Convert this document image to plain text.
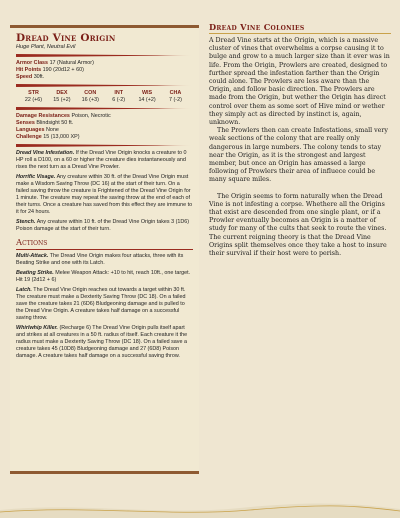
Dread Vine Origin
Huge Plant, Neutral Evil
Armor Class 17 (Natural Armor)
Hit Points 190 (20d12 + 60)
Speed 30ft.
STR
22 (+6)
DEX
15 (+2)
CON
16 (+3)
INT
6 (-2)
WIS
14 (+2)
CHA
7 (-2)
Damage Resistances Poison, Necrotic
Senses Blindsight 50 ft.
Languages None
Challenge 15 (13,000 XP)
Dread Vine Infestation. If the Dread Vine Origin knocks a creature to 0 HP roll a D100, on a 60 or higher the creature dies instantaneously and rises the next turn as a Dread Vine Prowler.
Horrific Visage. Any creature within 30 ft. of the Dread Vine Origin must make a Wisdom Saving Throw (DC 16) at the start of their turn. On a failed saving throw the creature is Frightened of the Dread Vine Origin for 1 minute. The creature may repeat the saving throw at the end of each of their turns. Once a creature has saved from this effect they are immune to it for 24 hours.
Stench. Any creature within 10 ft. of the Dread Vine Origin takes 3 (1D6) Poison damage at the start of their turn.
Actions
Multi-Attack. The Dread Vine Origin makes four attacks, three with its Beating Strike and one with its Latch.
Beating Strike. Melee Weapon Attack: +10 to hit, reach 10ft., one target. Hit 19 (2d12 + 6)
Latch. The Dread Vine Origin reaches out towards a target within 30 ft. The creature must make a Dexterity Saving Throw (DC 18). On a failed save the creature takes 21 (6D6) Bludgeoning damage and is pulled to the Dread Vine Origin. A creature takes half damage on a successful saving throw.
Whirlwhip Killer. (Recharge 6) The Dread Vine Origin pulls itself apart and strikes at all creatures in a 50 ft. radius of itself. Each creature it the radius must make a Dexterity Saving Throw (DC 18). On a failed save a creature takes 45 (10D8) Bludgeoning damage and 27 (6D8) Poison damage. A creature takes half damage on a successful saving throw.
Dread Vine Colonies

A Dread Vine starts at the Origin, which is a massive cluster of vines that overwhelms a corpse causing it to bulge and grow to a much larger size than it ever was in life. From the Origin, Prowlers are created, designed to further spread the infestation farther than the Origin could alone. The Prowlers are less aware than the Origin, and follow basic direction. The Prowlers are made from the Origin, but wether the Origin has direct control over them as some sort of Hive mind or wether they simply act as directed by instinct is, again, unknown.

The Prowlers then can create Infestations, small very weak sections of the colony that are really only dangerous in large numbers. The colony tends to stay near the Origin, as it is the strongest and largest member, but once an Origin has amassed a large following of Prowlers their area of influece could be many square miles.

The Origin seems to form naturally when the Dread Vine is not infesting a corpse. Whethere all the Origins that exist are descended from one single plant, or if a Prowler eventually becomes an Origin is a matter of study for many of the cults that seek to route the vines. The current reigning theory is that the Dread Vine Origins split themselves once they take a host to insure their survival if their host were to perish.
